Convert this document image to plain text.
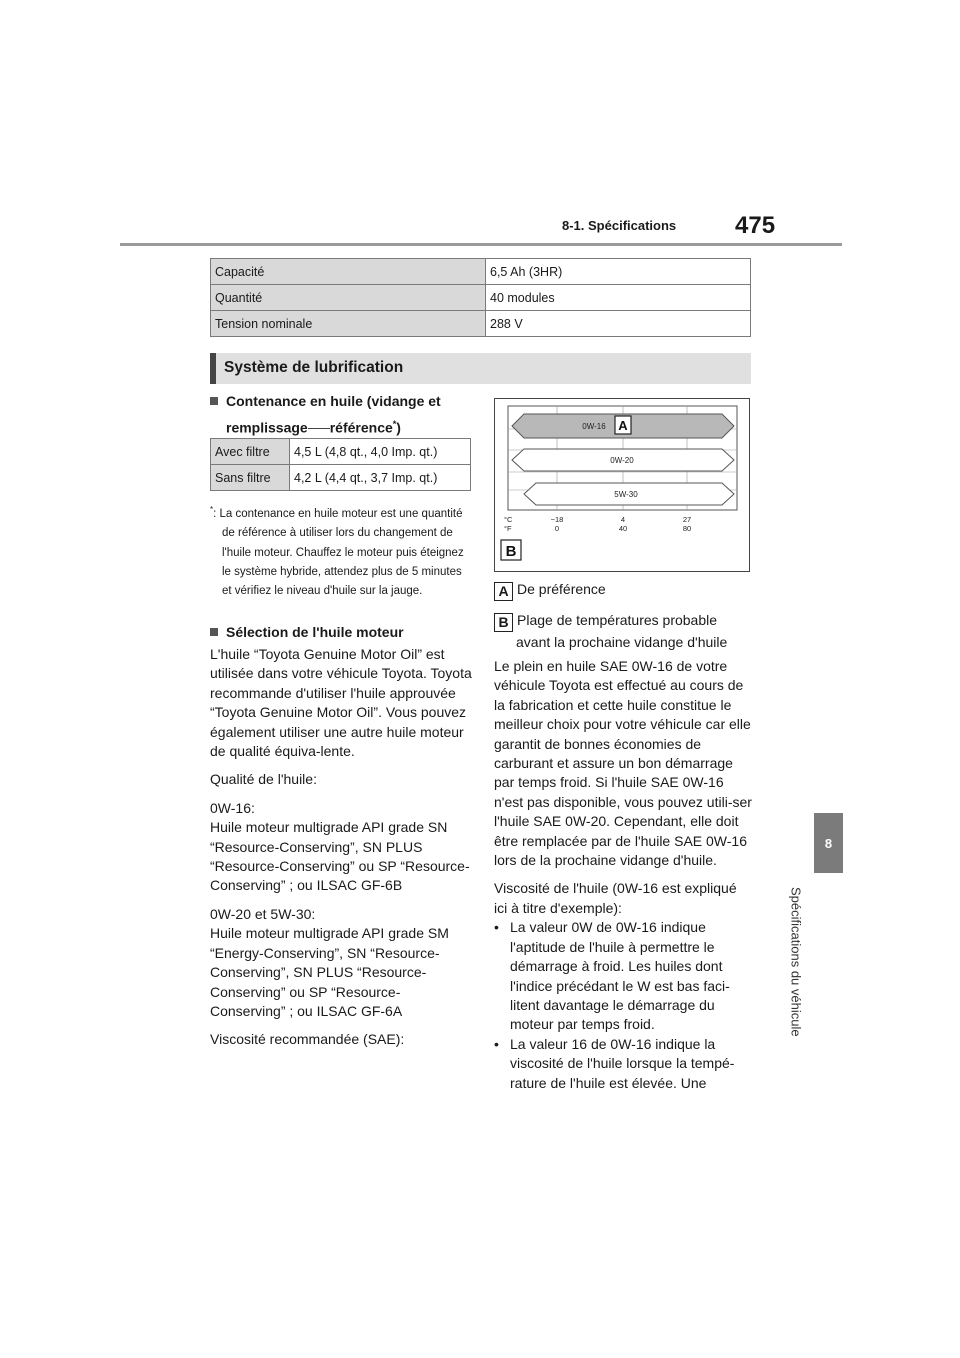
8-1. Spécifications 475
8
Spécifications du véhicule
Capacité	6,5 Ah (3HR)
Quantité	40 modules
Tension nominale	288 V
Système de lubrification
Contenance en huile (vidange et
remplissage référence*)
Avec filtre	4,5 L (4,8 qt., 4,0 Imp. qt.)
Sans filtre	4,2 L (4,4 qt., 3,7 Imp. qt.)

*: La contenance en huile moteur est une quantité de référence à utiliser lors du changement de l'huile moteur. Chauffez le moteur puis éteignez le système hybride, attendez plus de 5 minutes et vérifiez le niveau d'huile sur la jauge.

Sélection de l'huile moteur

L'huile “Toyota Genuine Motor Oil” est utilisée dans votre véhicule Toyota. Toyota recommande d'utiliser l'huile approuvée “Toyota Genuine Motor Oil”. Vous pouvez également utiliser une autre huile moteur de qualité équiva-lente.

Qualité de l'huile:

0W-16:
Huile moteur multigrade API grade SN “Resource-Conserving”, SN PLUS “Resource-Conserving” ou SP “Resource-Conserving” ; ou ILSAC GF-6B

0W-20 et 5W-30:
Huile moteur multigrade API grade SM “Energy-Conserving”, SN “Resource-Conserving”, SN PLUS “Resource-Conserving” ou SP “Resource-Conserving” ; ou ILSAC GF-6A

Viscosité recommandée (SAE):

0W-16 A
0W-20
5W-30
°C
°F
−18	4	27
0	40	80
B
A De préférence
B Plage de températures probable avant la prochaine vidange d'huile

Le plein en huile SAE 0W-16 de votre véhicule Toyota est effectué au cours de la fabrication et cette huile constitue le meilleur choix pour votre véhicule car elle garantit de bonnes économies de carburant et assure un bon démarrage par temps froid. Si l'huile SAE 0W-16 n'est pas disponible, vous pouvez utili-ser l'huile SAE 0W-20. Cependant, elle doit être remplacée par de l'huile SAE 0W-16 lors de la prochaine vidange d'huile.

Viscosité de l'huile (0W-16 est expliqué ici à titre d'exemple):

• La valeur 0W de 0W-16 indique l'aptitude de l'huile à permettre le démarrage à froid. Les huiles dont l'indice précédant le W est bas faci-litent davantage le démarrage du moteur par temps froid.
• La valeur 16 de 0W-16 indique la viscosité de l'huile lorsque la tempé-rature de l'huile est élevée. Une
